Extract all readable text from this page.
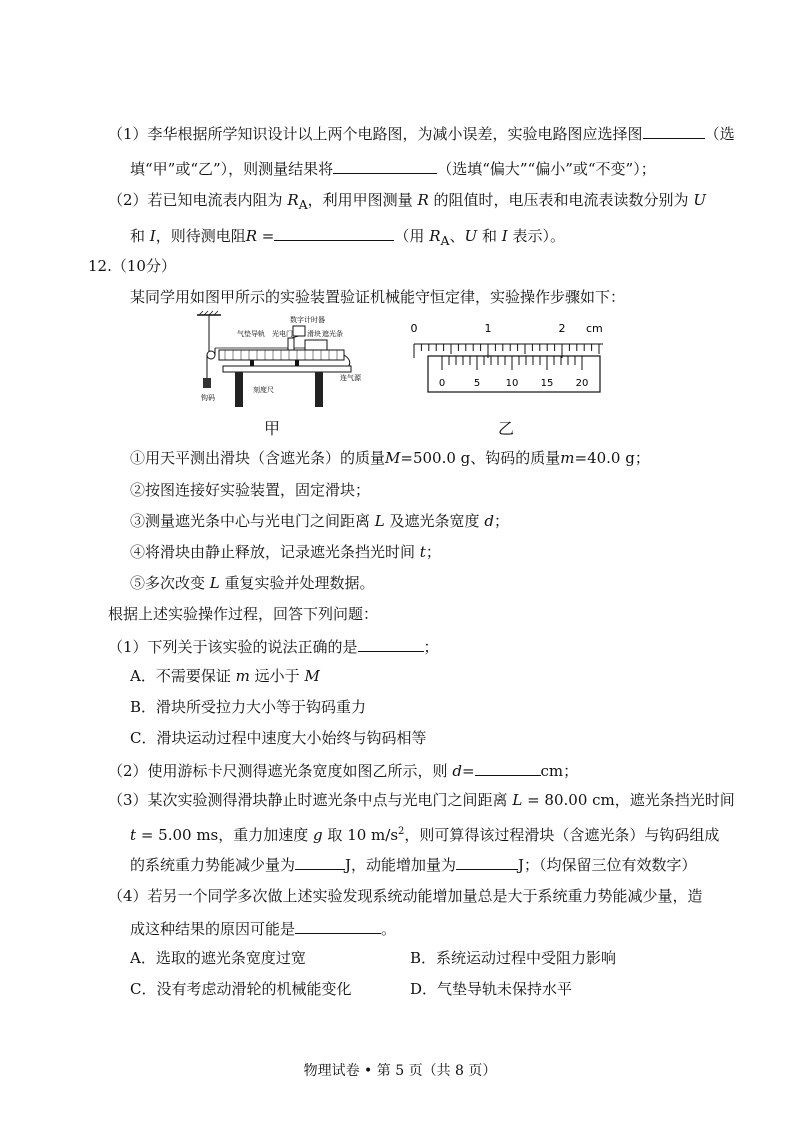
（1）李华根据所学知识设计以上两个电路图，为减小误差，实验电路图应选择图	（选
填“甲”或“乙”），则测量结果将	（选填“偏大”“偏小”或“不变”）；
（2）若已知电流表内阻为 $R_A$，利用甲图测量 R 的阻值时，电压表和电流表读数分别为 U
和 I，则待测电阻R =	（用 $R_A$、U 和 I 表示）。
12.（10分）
某同学用如图甲所示的实验装置验证机械能守恒定律，实验操作步骤如下：
数字计时器
气垫导轨 光电门 滑块 遮光条
连气源
钩码
刻度尺
甲
0	1	2 cm
0	5	10 15 20
乙
①用天平测出滑块（含遮光条）的质量M=500.0 g、钩码的质量m=40.0 g；
②按图连接好实验装置，固定滑块；
③测量遮光条中心与光电门之间距离 L 及遮光条宽度 d；
④将滑块由静止释放，记录遮光条挡光时间 t；
⑤多次改变 L 重复实验并处理数据。
根据上述实验操作过程，回答下列问题：
（1）下列关于该实验的说法正确的是	；
A．不需要保证 m 远小于 M
B．滑块所受拉力大小等于钩码重力
C．滑块运动过程中速度大小始终与钩码相等
（2）使用游标卡尺测得遮光条宽度如图乙所示，则 d=	cm；
（3）某次实验测得滑块静止时遮光条中点与光电门之间距离 L = 80.00 cm，遮光条挡光时间
t = 5.00 ms，重力加速度 g 取 10 $m/s^2$，则可算得该过程滑块（含遮光条）与钩码组成
的系统重力势能减少量为	J，动能增加量为	J；（均保留三位有效数字）
（4）若另一个同学多次做上述实验发现系统动能增加量总是大于系统重力势能减少量，造
成这种结果的原因可能是	。
A．选取的遮光条宽度过宽	B．系统运动过程中受阻力影响
C．没有考虑动滑轮的机械能变化	D．气垫导轨未保持水平
物理试卷 • 第 5 页（共 8 页）
